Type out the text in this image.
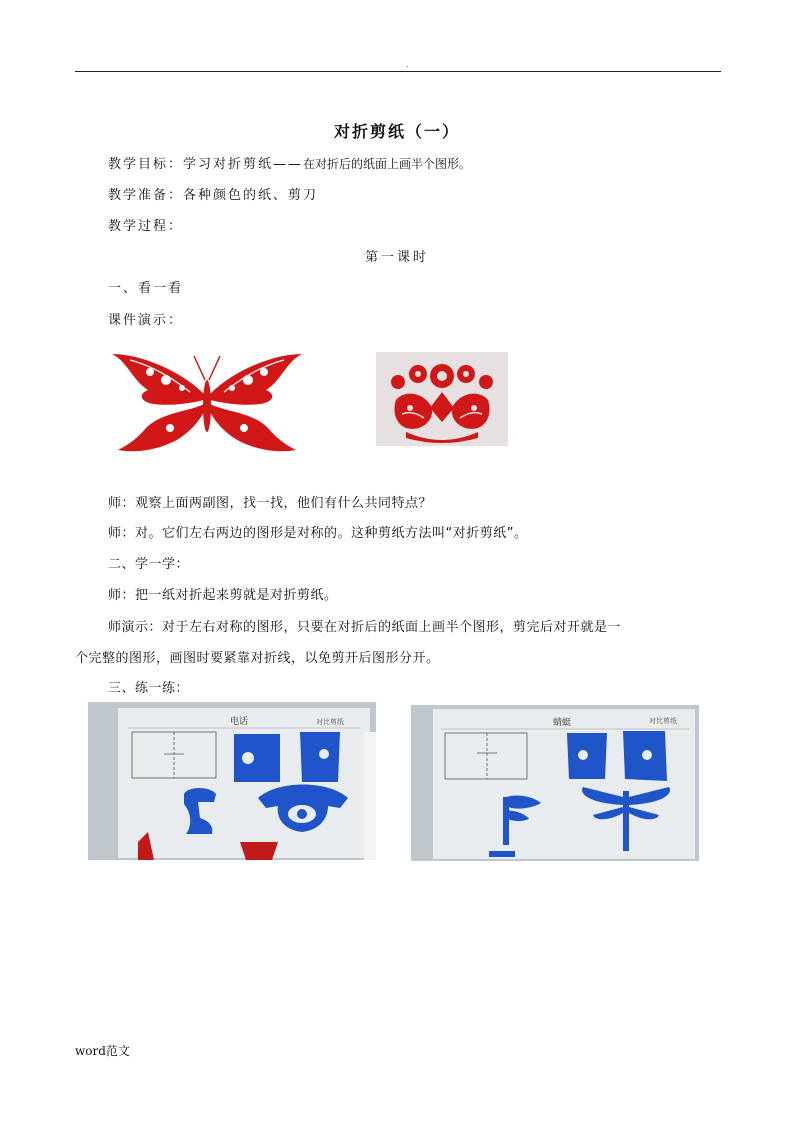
.
对折剪纸（一）
教学目标：学习对折剪纸——在对折后的纸面上画半个图形。
教学准备：各种颜色的纸、剪刀
教学过程：
第一课时
一、看一看
课件演示：
师：观察上面两副图，找一找，他们有什么共同特点？
师：对。它们左右两边的图形是对称的。这种剪纸方法叫“对折剪纸”。
二、学一学：
师：把一纸对折起来剪就是对折剪纸。
师演示：对于左右对称的图形，只要在对折后的纸面上画半个图形，剪完后对开就是一
个完整的图形，画图时要紧靠对折线，以免剪开后图形分开。
三、练一练：
电话	对比剪纸	蜻蜓	对比剪纸
word范文
